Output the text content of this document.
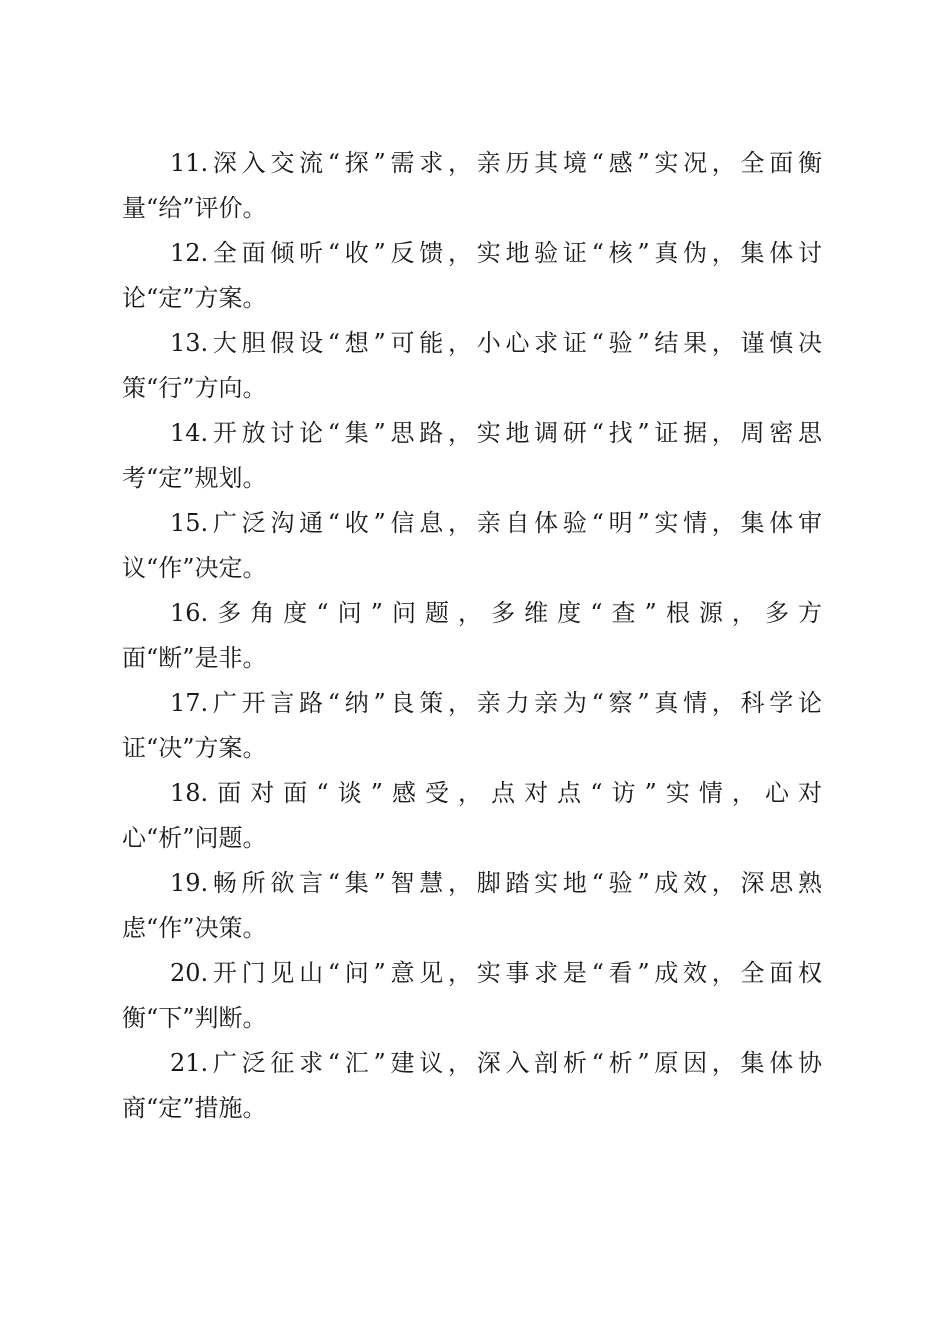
11.深入交流“探”需求，亲历其境“感”实况，全面衡
量“给”评价。
12.全面倾听“收”反馈，实地验证“核”真伪，集体讨
论“定”方案。
13.大胆假设“想”可能，小心求证“验”结果，谨慎决
策“行”方向。
14.开放讨论“集”思路，实地调研“找”证据，周密思
考“定”规划。
15.广泛沟通“收”信息，亲自体验“明”实情，集体审
议“作”决定。
16.多角度“问”问题，多维度“查”根源，多方
面“断”是非。
17.广开言路“纳”良策，亲力亲为“察”真情，科学论
证“决”方案。
18.面对面“谈”感受，点对点“访”实情，心对
心“析”问题。
19.畅所欲言“集”智慧，脚踏实地“验”成效，深思熟
虑“作”决策。
20.开门见山“问”意见，实事求是“看”成效，全面权
衡“下”判断。
21.广泛征求“汇”建议，深入剖析“析”原因，集体协
商“定”措施。
